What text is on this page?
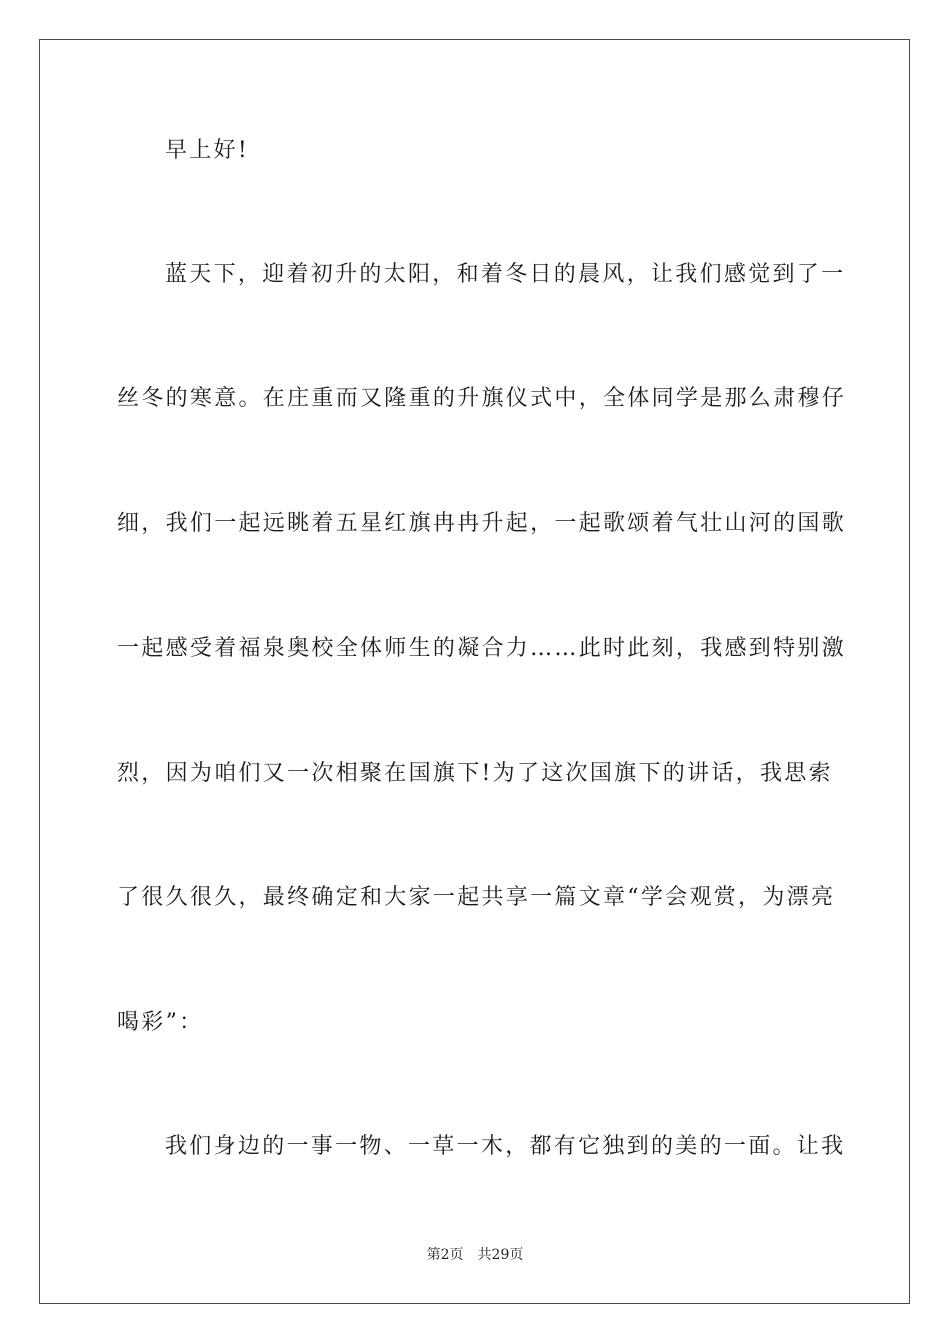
早上好!
蓝天下，迎着初升的太阳，和着冬日的晨风，让我们感觉到了一
丝冬的寒意。在庄重而又隆重的升旗仪式中，全体同学是那么肃穆仔
细，我们一起远眺着五星红旗冉冉升起，一起歌颂着气壮山河的国歌
一起感受着福泉奥校全体师生的凝合力……此时此刻，我感到特别激
烈，因为咱们又一次相聚在国旗下!为了这次国旗下的讲话，我思索
了很久很久，最终确定和大家一起共享一篇文章“学会观赏，为漂亮
喝彩”：
我们身边的一事一物、一草一木，都有它独到的美的一面。让我
第2页 共29页
